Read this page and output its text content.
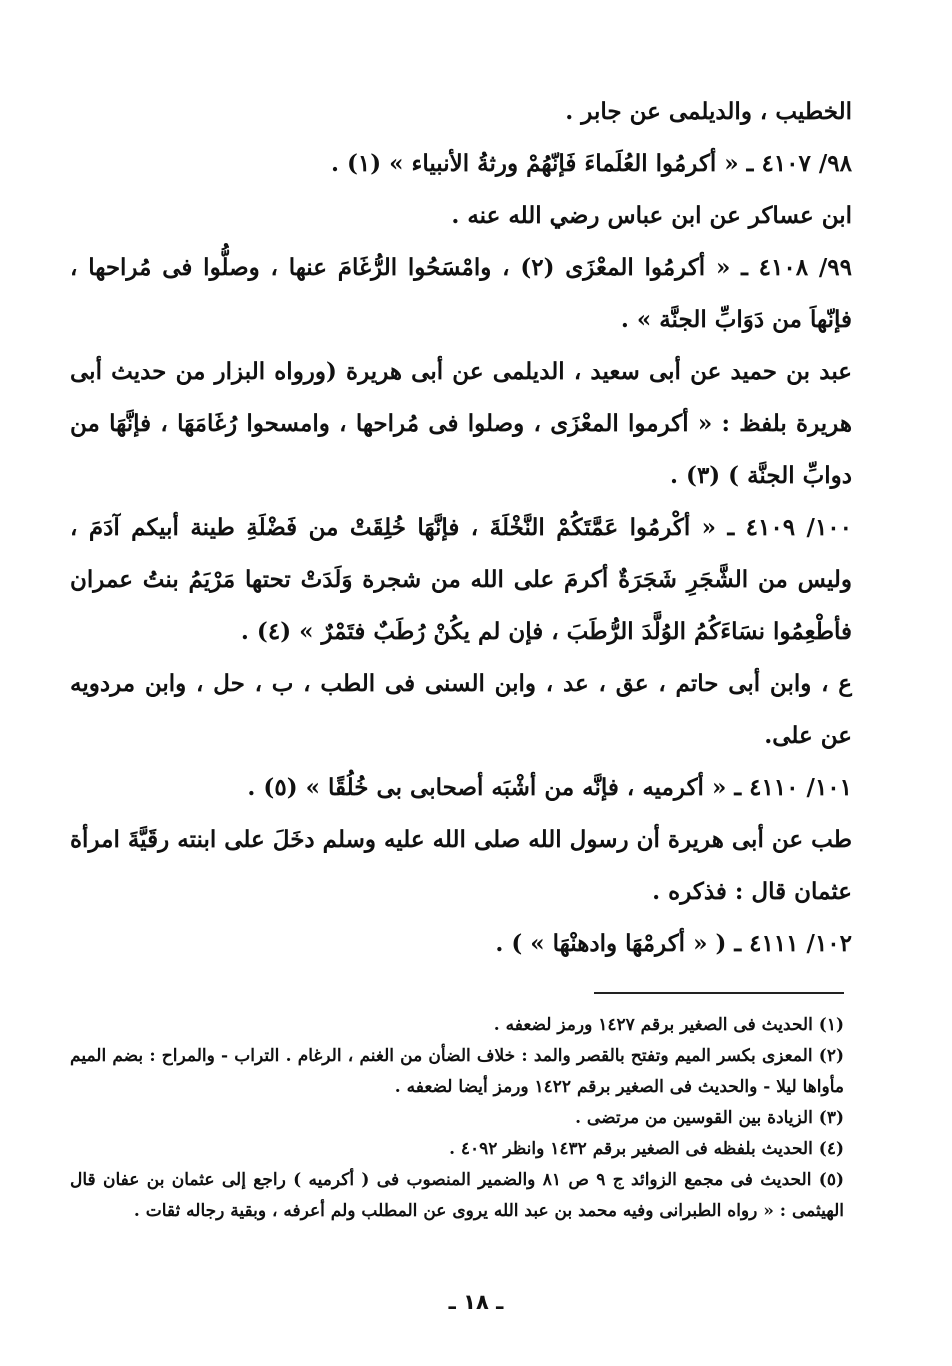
الخطيب ، والديلمى عن جابر .

٩٨/ ٤١٠٧ ـ « أكرمُوا العُلَماءَ فَإنّهُمْ ورثةُ الأنبياء » (١) .

ابن عساكر عن ابن عباس رضي الله عنه .

٩٩/ ٤١٠٨ ـ « أكرمُوا المعْزَى (٢) ، وامْسَحُوا الرُّغَامَ عنها ، وصلُّوا فى مُراحها ، فإنّهاَ من دَوَابِّ الجنَّة » .

عبد بن حميد عن أبى سعيد ، الديلمى عن أبى هريرة (ورواه البزار من حديث أبى هريرة بلفظ : « أكرموا المعْزَى ، وصلوا فى مُراحها ، وامسحوا رُغَامَهَا ، فإنَّهَا من دوابِّ الجنَّة ) (٣) .

١٠٠/ ٤١٠٩ ـ « أكْرمُوا عَمَّتَكُمْ النَّخْلَةَ ، فإنَّهَا خُلِقَتْ من فَضْلَةِ طينة أبيكم آدَمَ ، وليس من الشَّجَرِ شَجَرَةٌ أكرمَ على الله من شجرة وَلَدَتْ تحتها مَرْيَمُ بنتُ عمران فأطْعِمُوا نسَاءَكُمُ الوُلَّدَ الرُّطَبَ ، فإن لم يكُنْ رُطَبٌ فتَمْرٌ » (٤) .

ع ، وابن أبى حاتم ، عق ، عد ، وابن السنى فى الطب ، ب ، حل ، وابن مردويه عن على.

١٠١/ ٤١١٠ ـ « أكرميه ، فإنَّه من أشْبَه أصحابى بى خُلُقًا » (٥) .

طب عن أبى هريرة أن رسول الله صلى الله عليه وسلم دخَلَ على ابنته رقَيَّةَ امرأة عثمان قال : فذكره .

١٠٢/ ٤١١١ ـ ( « أكرمْهَا وادهنْهَا » ) .

(١) الحديث فى الصغير برقم ١٤٢٧ ورمز لضعفه .

(٢) المعزى بكسر الميم وتفتح بالقصر والمد : خلاف الضأن من الغنم ، الرغام . التراب - والمراح : بضم الميم مأواها ليلا - والحديث فى الصغير برقم ١٤٢٢ ورمز أيضا لضعفه .

(٣) الزيادة بين القوسين من مرتضى .

(٤) الحديث بلفظه فى الصغير برقم ١٤٣٢ وانظر ٤٠٩٢ .

(٥) الحديث فى مجمع الزوائد ج ٩ ص ٨١ والضمير المنصوب فى ( أكرميه ) راجع إلى عثمان بن عفان قال الهيثمى : « رواه الطبرانى وفيه محمد بن عبد الله يروى عن المطلب ولم أعرفه ، وبقية رجاله ثقات .

ـ ١٨ ـ
